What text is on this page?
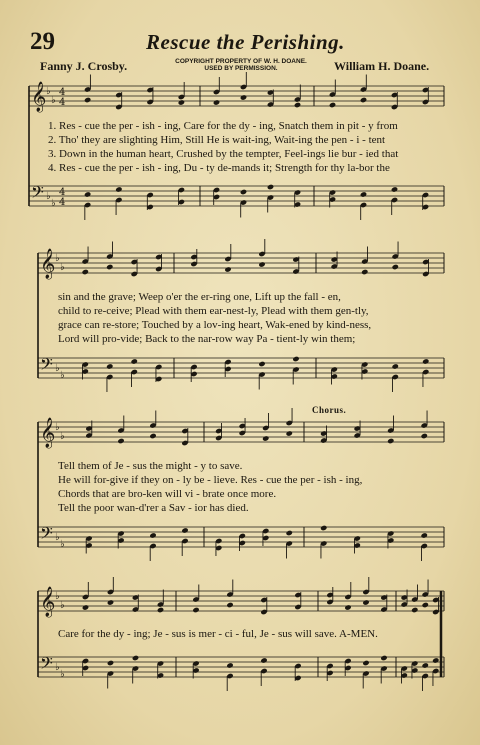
29	Rescue the Perishing.
Fanny J. Crosby.	COPYRIGHT PROPERTY OF W. H. DOANE.
USED BY PERMISSION.	William H. Doane.
𝄞
𝄢
♭
♭
♭
♭
4
4
4
4
𝄞
𝄢
♭
♭
♭
♭
𝄞
𝄢
♭
♭
♭
♭
𝄞
𝄢
♭
♭
♭
♭
1. Res - cue the per - ish - ing, Care for the dy - ing, Snatch them in pit - y from
2. Tho' they are slighting Him, Still He is wait-ing, Wait-ing the pen - i - tent
3. Down in the human heart, Crushed by the tempter, Feel-ings lie bur - ied that
4. Res - cue the per - ish - ing, Du - ty de-mands it; Strength for thy la-bor the
sin and the grave; Weep o'er the er-ring one, Lift up the fall - en,
child to re-ceive; Plead with them ear-nest-ly, Plead with them gen-tly,
grace can re-store; Touched by a lov-ing heart, Wak-ened by kind-ness,
Lord will pro-vide; Back to the nar-row way Pa - tient-ly win them;
Chorus.
Tell them of Je - sus the might - y to save.
He will for-give if they on - ly be - lieve. Res - cue the per - ish - ing,
Chords that are bro-ken will vi - brate once more.
Tell the poor wan-d'rer a Sav - ior has died.
Care for the dy - ing; Je - sus is mer - ci - ful, Je - sus will save. A-MEN.
